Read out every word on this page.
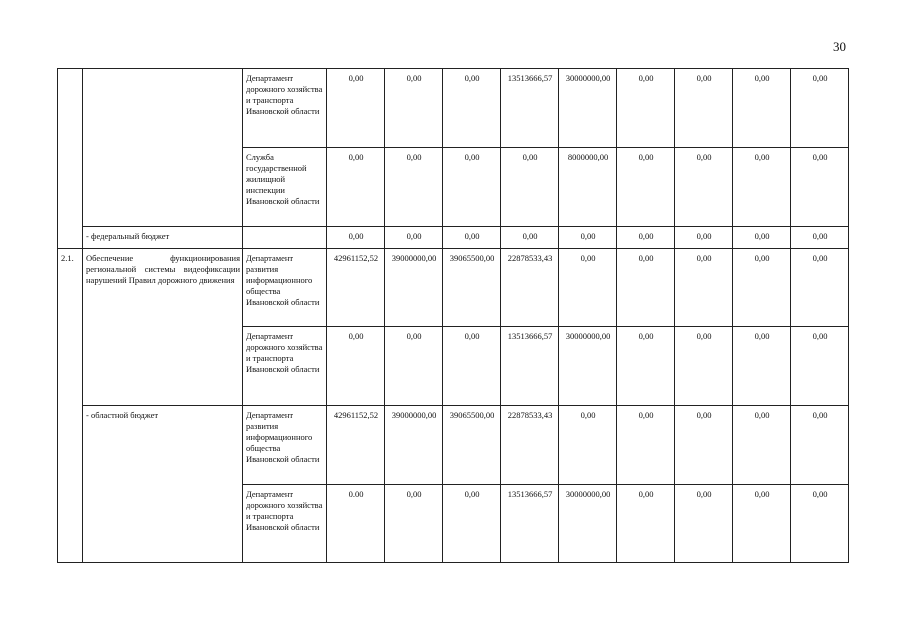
30
		Департамент дорожного хозяйства и транспорта Ивановской области	0,00	0,00	0,00	13513666,57	30000000,00	0,00	0,00	0,00	0,00
		Служба государственной жилищной инспекции Ивановской области	0,00	0,00	0,00	0,00	8000000,00	0,00	0,00	0,00	0,00
	- федеральный бюджет		0,00	0,00	0,00	0,00	0,00	0,00	0,00	0,00	0,00
2.1.	Обеспечение функционирования региональной системы видеофиксации нарушений Правил дорожного движения	Департамент развития информационного общества Ивановской области	42961152,52	39000000,00	39065500,00	22878533,43	0,00	0,00	0,00	0,00	0,00
		Департамент дорожного хозяйства и транспорта Ивановской области	0,00	0,00	0,00	13513666,57	30000000,00	0,00	0,00	0,00	0,00
	- областной бюджет	Департамент развития информационного общества Ивановской области	42961152,52	39000000,00	39065500,00	22878533,43	0,00	0,00	0,00	0,00	0,00
		Департамент дорожного хозяйства и транспорта Ивановской области	0.00	0,00	0,00	13513666,57	30000000,00	0,00	0,00	0,00	0,00
